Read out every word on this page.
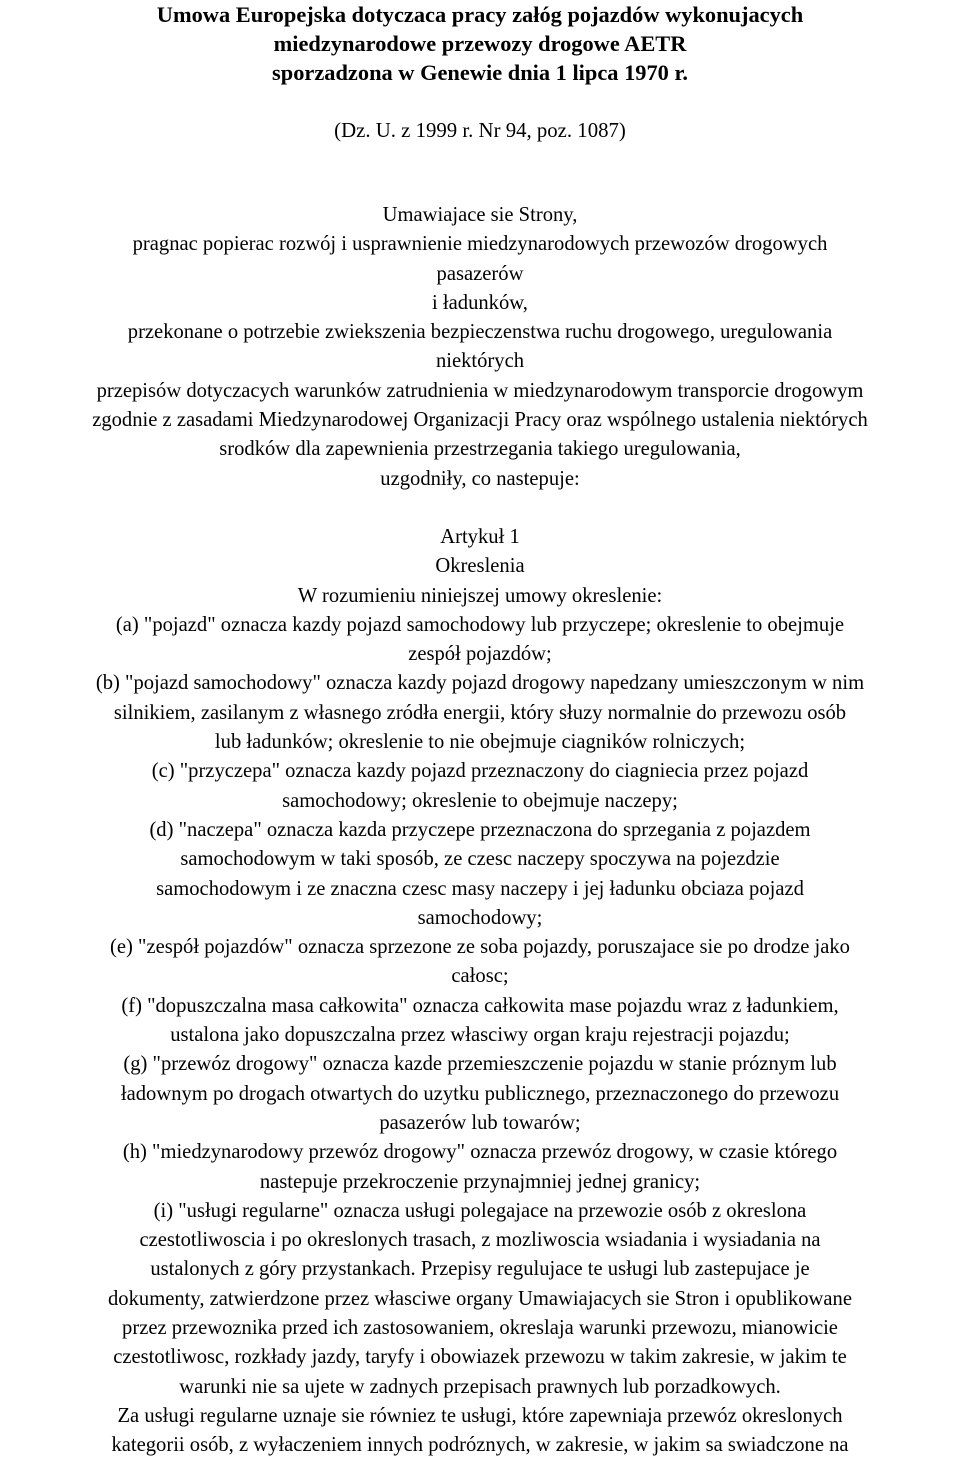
Umowa Europejska dotyczaca pracy załóg pojazdów wykonujacych
miedzynarodowe przewozy drogowe AETR
sporzadzona w Genewie dnia 1 lipca 1970 r.
(Dz. U. z 1999 r. Nr 94, poz. 1087)
Umawiajace sie Strony,
pragnac popierac rozwój i usprawnienie miedzynarodowych przewozów drogowych
pasazerów
i ładunków,
przekonane o potrzebie zwiekszenia bezpieczenstwa ruchu drogowego, uregulowania
niektórych
przepisów dotyczacych warunków zatrudnienia w miedzynarodowym transporcie drogowym
zgodnie z zasadami Miedzynarodowej Organizacji Pracy oraz wspólnego ustalenia niektórych
srodków dla zapewnienia przestrzegania takiego uregulowania,
uzgodniły, co nastepuje:
Artykuł 1
Okreslenia
W rozumieniu niniejszej umowy okreslenie:
(a) "pojazd" oznacza kazdy pojazd samochodowy lub przyczepe; okreslenie to obejmuje
zespół pojazdów;
(b) "pojazd samochodowy" oznacza kazdy pojazd drogowy napedzany umieszczonym w nim
silnikiem, zasilanym z własnego zródła energii, który słuzy normalnie do przewozu osób
lub ładunków; okreslenie to nie obejmuje ciagników rolniczych;
(c) "przyczepa" oznacza kazdy pojazd przeznaczony do ciagniecia przez pojazd
samochodowy; okreslenie to obejmuje naczepy;
(d) "naczepa" oznacza kazda przyczepe przeznaczona do sprzegania z pojazdem
samochodowym w taki sposób, ze czesc naczepy spoczywa na pojezdzie
samochodowym i ze znaczna czesc masy naczepy i jej ładunku obciaza pojazd
samochodowy;
(e) "zespół pojazdów" oznacza sprzezone ze soba pojazdy, poruszajace sie po drodze jako
całosc;
(f) "dopuszczalna masa całkowita" oznacza całkowita mase pojazdu wraz z ładunkiem,
ustalona jako dopuszczalna przez własciwy organ kraju rejestracji pojazdu;
(g) "przewóz drogowy" oznacza kazde przemieszczenie pojazdu w stanie próznym lub
ładownym po drogach otwartych do uzytku publicznego, przeznaczonego do przewozu
pasazerów lub towarów;
(h) "miedzynarodowy przewóz drogowy" oznacza przewóz drogowy, w czasie którego
nastepuje przekroczenie przynajmniej jednej granicy;
(i) "usługi regularne" oznacza usługi polegajace na przewozie osób z okreslona
czestotliwoscia i po okreslonych trasach, z mozliwoscia wsiadania i wysiadania na
ustalonych z góry przystankach. Przepisy regulujace te usługi lub zastepujace je
dokumenty, zatwierdzone przez własciwe organy Umawiajacych sie Stron i opublikowane
przez przewoznika przed ich zastosowaniem, okreslaja warunki przewozu, mianowicie
czestotliwosc, rozkłady jazdy, taryfy i obowiazek przewozu w takim zakresie, w jakim te
warunki nie sa ujete w zadnych przepisach prawnych lub porzadkowych.
Za usługi regularne uznaje sie równiez te usługi, które zapewniaja przewóz okreslonych
kategorii osób, z wyłaczeniem innych podróznych, w zakresie, w jakim sa swiadczone na
